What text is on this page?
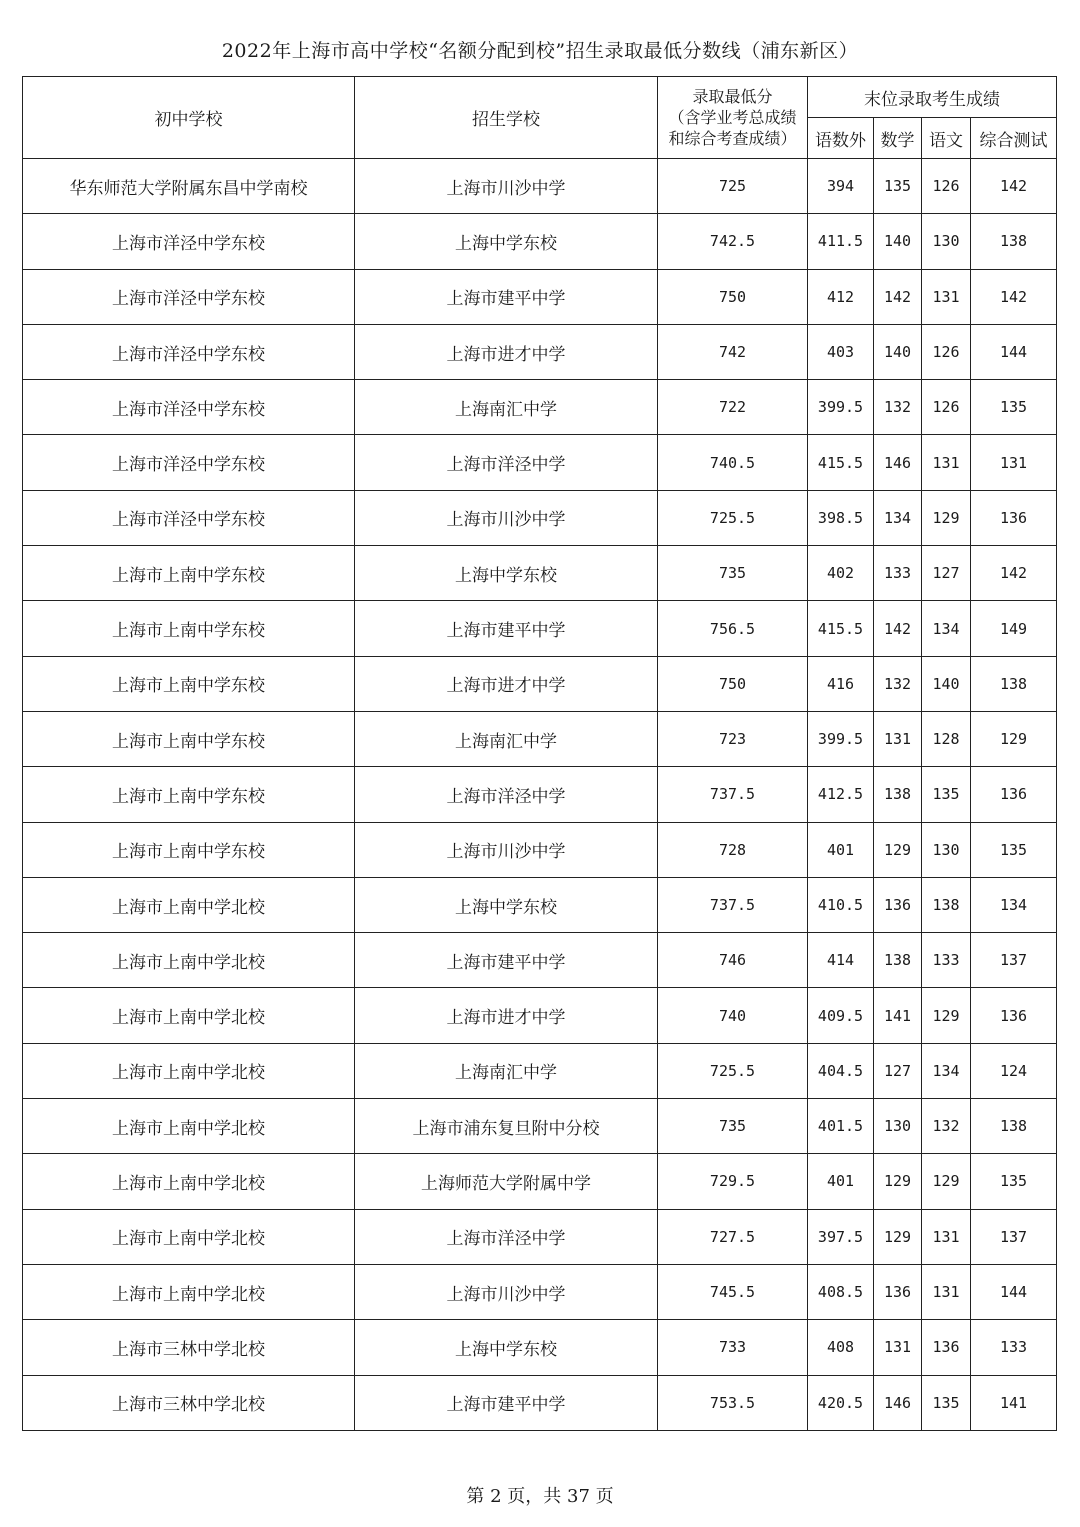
2022年上海市高中学校“名额分配到校”招生录取最低分数线（浦东新区）
初中学校	招生学校	录取最低分
（含学业考总成绩
和综合考查成绩）	末位录取考生成绩			
			语数外	数学	语文	综合测试
华东师范大学附属东昌中学南校	上海市川沙中学	725	394	135	126	142
上海市洋泾中学东校	上海中学东校	742.5	411.5	140	130	138
上海市洋泾中学东校	上海市建平中学	750	412	142	131	142
上海市洋泾中学东校	上海市进才中学	742	403	140	126	144
上海市洋泾中学东校	上海南汇中学	722	399.5	132	126	135
上海市洋泾中学东校	上海市洋泾中学	740.5	415.5	146	131	131
上海市洋泾中学东校	上海市川沙中学	725.5	398.5	134	129	136
上海市上南中学东校	上海中学东校	735	402	133	127	142
上海市上南中学东校	上海市建平中学	756.5	415.5	142	134	149
上海市上南中学东校	上海市进才中学	750	416	132	140	138
上海市上南中学东校	上海南汇中学	723	399.5	131	128	129
上海市上南中学东校	上海市洋泾中学	737.5	412.5	138	135	136
上海市上南中学东校	上海市川沙中学	728	401	129	130	135
上海市上南中学北校	上海中学东校	737.5	410.5	136	138	134
上海市上南中学北校	上海市建平中学	746	414	138	133	137
上海市上南中学北校	上海市进才中学	740	409.5	141	129	136
上海市上南中学北校	上海南汇中学	725.5	404.5	127	134	124
上海市上南中学北校	上海市浦东复旦附中分校	735	401.5	130	132	138
上海市上南中学北校	上海师范大学附属中学	729.5	401	129	129	135
上海市上南中学北校	上海市洋泾中学	727.5	397.5	129	131	137
上海市上南中学北校	上海市川沙中学	745.5	408.5	136	131	144
上海市三林中学北校	上海中学东校	733	408	131	136	133
上海市三林中学北校	上海市建平中学	753.5	420.5	146	135	141
第 2 页，共 37 页
